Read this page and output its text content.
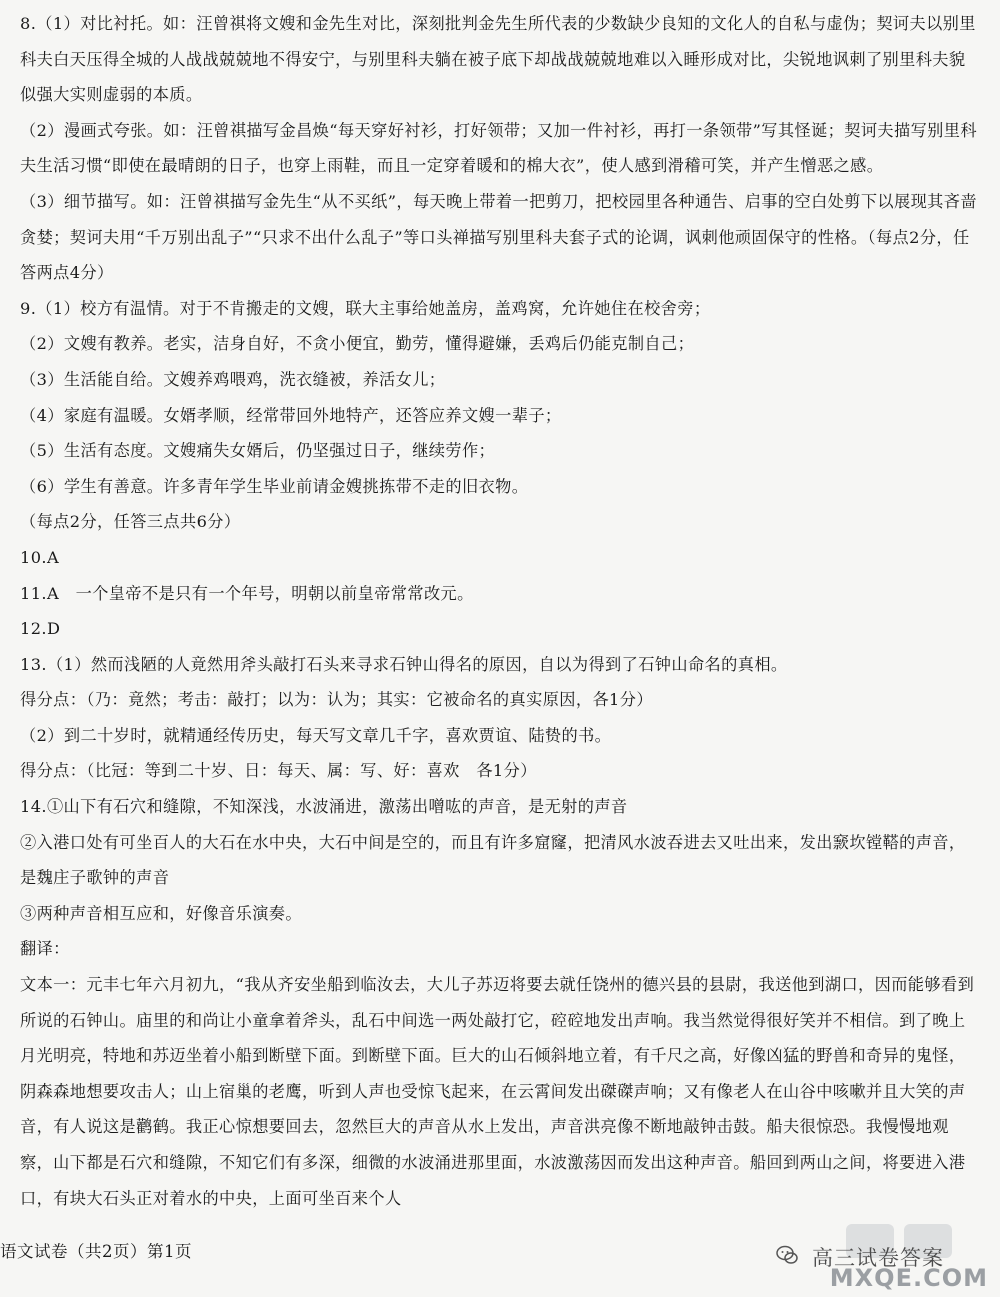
8.（1）对比衬托。如：汪曾祺将文嫂和金先生对比，深刻批判金先生所代表的少数缺少良知的文化人的自私与虚伪；契诃夫以别里科夫白天压得全城的人战战兢兢地不得安宁，与别里科夫躺在被子底下却战战兢兢地难以入睡形成对比，尖锐地讽刺了别里科夫貌似强大实则虚弱的本质。

（2）漫画式夸张。如：汪曾祺描写金昌焕“每天穿好衬衫，打好领带；又加一件衬衫，再打一条领带”写其怪诞；契诃夫描写别里科夫生活习惯“即使在最晴朗的日子，也穿上雨鞋，而且一定穿着暖和的棉大衣”，使人感到滑稽可笑，并产生憎恶之感。

（3）细节描写。如：汪曾祺描写金先生“从不买纸”，每天晚上带着一把剪刀，把校园里各种通告、启事的空白处剪下以展现其吝啬贪婪；契诃夫用“千万别出乱子”“只求不出什么乱子”等口头禅描写别里科夫套子式的论调，讽刺他顽固保守的性格。（每点2分，任答两点4分）

9.（1）校方有温情。对于不肯搬走的文嫂，联大主事给她盖房，盖鸡窝，允许她住在校舍旁；

（2）文嫂有教养。老实，洁身自好，不贪小便宜，勤劳，懂得避嫌，丢鸡后仍能克制自己；

（3）生活能自给。文嫂养鸡喂鸡，洗衣缝被，养活女儿；

（4）家庭有温暖。女婿孝顺，经常带回外地特产，还答应养文嫂一辈子；

（5）生活有态度。文嫂痛失女婿后，仍坚强过日子，继续劳作；

（6）学生有善意。许多青年学生毕业前请金嫂挑拣带不走的旧衣物。

（每点2分，任答三点共6分）

10.A

11.A　一个皇帝不是只有一个年号，明朝以前皇帝常常改元。

12.D

13.（1）然而浅陋的人竟然用斧头敲打石头来寻求石钟山得名的原因，自以为得到了石钟山命名的真相。

得分点：（乃：竟然；考击：敲打；以为：认为；其实：它被命名的真实原因，各1分）

（2）到二十岁时，就精通经传历史，每天写文章几千字，喜欢贾谊、陆贽的书。

得分点：（比冠：等到二十岁、日：每天、属：写、好：喜欢　各1分）

14.①山下有石穴和缝隙，不知深浅，水波涌进，激荡出噌吰的声音，是无射的声音

②入港口处有可坐百人的大石在水中央，大石中间是空的，而且有许多窟窿，把清风水波吞进去又吐出来，发出窾坎镗鞳的声音，是魏庄子歌钟的声音

③两种声音相互应和，好像音乐演奏。

翻译：

文本一：元丰七年六月初九，“我从齐安坐船到临汝去，大儿子苏迈将要去就任饶州的德兴县的县尉，我送他到湖口，因而能够看到所说的石钟山。庙里的和尚让小童拿着斧头，乱石中间选一两处敲打它，硿硿地发出声响。我当然觉得很好笑并不相信。到了晚上月光明亮，特地和苏迈坐着小船到断壁下面。到断壁下面。巨大的山石倾斜地立着，有千尺之高，好像凶猛的野兽和奇异的鬼怪，阴森森地想要攻击人；山上宿巢的老鹰，听到人声也受惊飞起来，在云霄间发出磔磔声响；又有像老人在山谷中咳嗽并且大笑的声音，有人说这是鹳鹤。我正心惊想要回去，忽然巨大的声音从水上发出，声音洪亮像不断地敲钟击鼓。船夫很惊恐。我慢慢地观察，山下都是石穴和缝隙，不知它们有多深，细微的水波涌进那里面，水波激荡因而发出这种声音。船回到两山之间，将要进入港口，有块大石头正对着水的中央，上面可坐百来个人

语文试卷（共2页）第1页	高三试卷答案
MXQE.COM
